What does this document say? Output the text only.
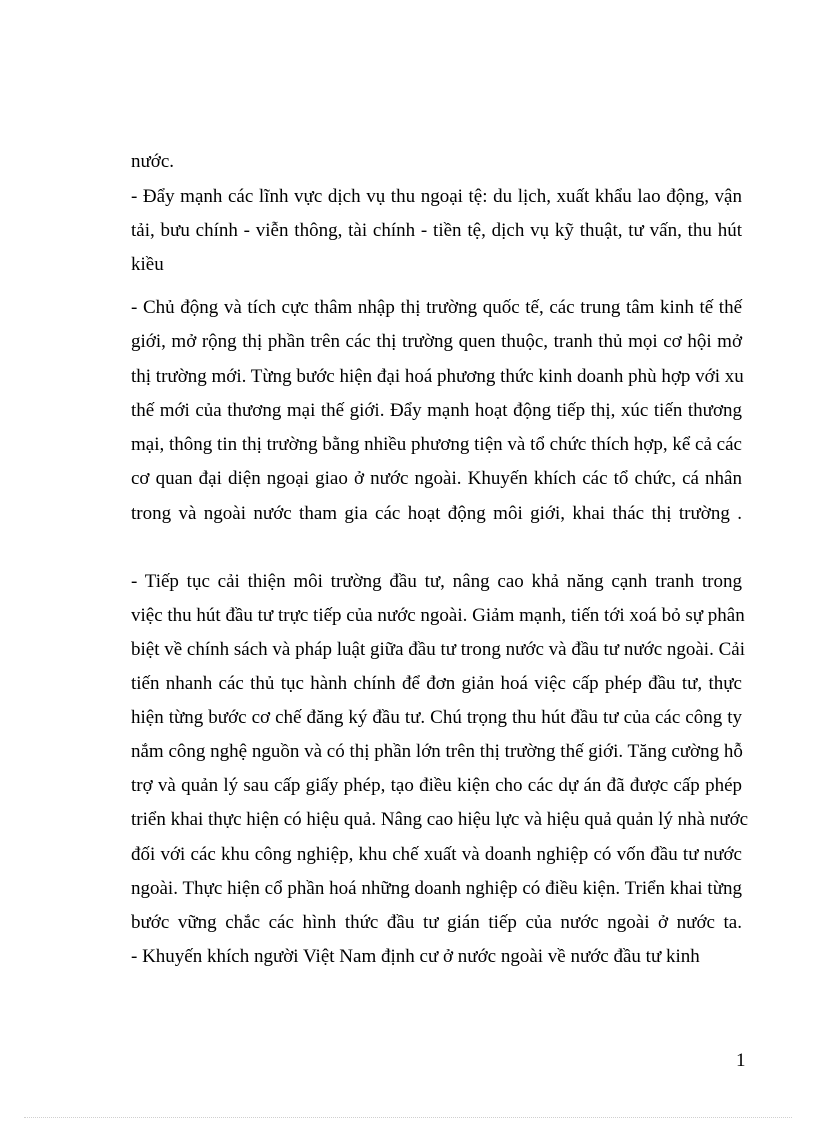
nước.
- Đẩy mạnh các lĩnh vực dịch vụ thu ngoại tệ: du lịch, xuất khẩu lao động, vận
tải, bưu chính - viễn thông, tài chính - tiền tệ, dịch vụ kỹ thuật, tư vấn, thu hút
kiều
- Chủ động và tích cực thâm nhập thị trường quốc tế, các trung tâm kinh tế thế
giới, mở rộng thị phần trên các thị trường quen thuộc, tranh thủ mọi cơ hội mở
thị trường mới. Từng bước hiện đại hoá phương thức kinh doanh phù hợp với xu
thế mới của thương mại thế giới. Đẩy mạnh hoạt động tiếp thị, xúc tiến thương
mại, thông tin thị trường bằng nhiều phương tiện và tổ chức thích hợp, kể cả các
cơ quan đại diện ngoại giao ở nước ngoài. Khuyến khích các tổ chức, cá nhân
trong và ngoài nước tham gia các hoạt động môi giới, khai thác thị trường .
- Tiếp tục cải thiện môi trường đầu tư, nâng cao khả năng cạnh tranh trong
việc thu hút đầu tư trực tiếp của nước ngoài. Giảm mạnh, tiến tới xoá bỏ sự phân
biệt về chính sách và pháp luật giữa đầu tư trong nước và đầu tư nước ngoài. Cải
tiến nhanh các thủ tục hành chính để đơn giản hoá việc cấp phép đầu tư, thực
hiện từng bước cơ chế đăng ký đầu tư. Chú trọng thu hút đầu tư của các công ty
nắm công nghệ nguồn và có thị phần lớn trên thị trường thế giới. Tăng cường hỗ
trợ và quản lý sau cấp giấy phép, tạo điều kiện cho các dự án đã được cấp phép
triển khai thực hiện có hiệu quả. Nâng cao hiệu lực và hiệu quả quản lý nhà nước
đối với các khu công nghiệp, khu chế xuất và doanh nghiệp có vốn đầu tư nước
ngoài. Thực hiện cổ phần hoá những doanh nghiệp có điều kiện. Triển khai từng
bước vững chắc các hình thức đầu tư gián tiếp của nước ngoài ở nước ta.
- Khuyến khích người Việt Nam định cư ở nước ngoài về nước đầu tư kinh
1
